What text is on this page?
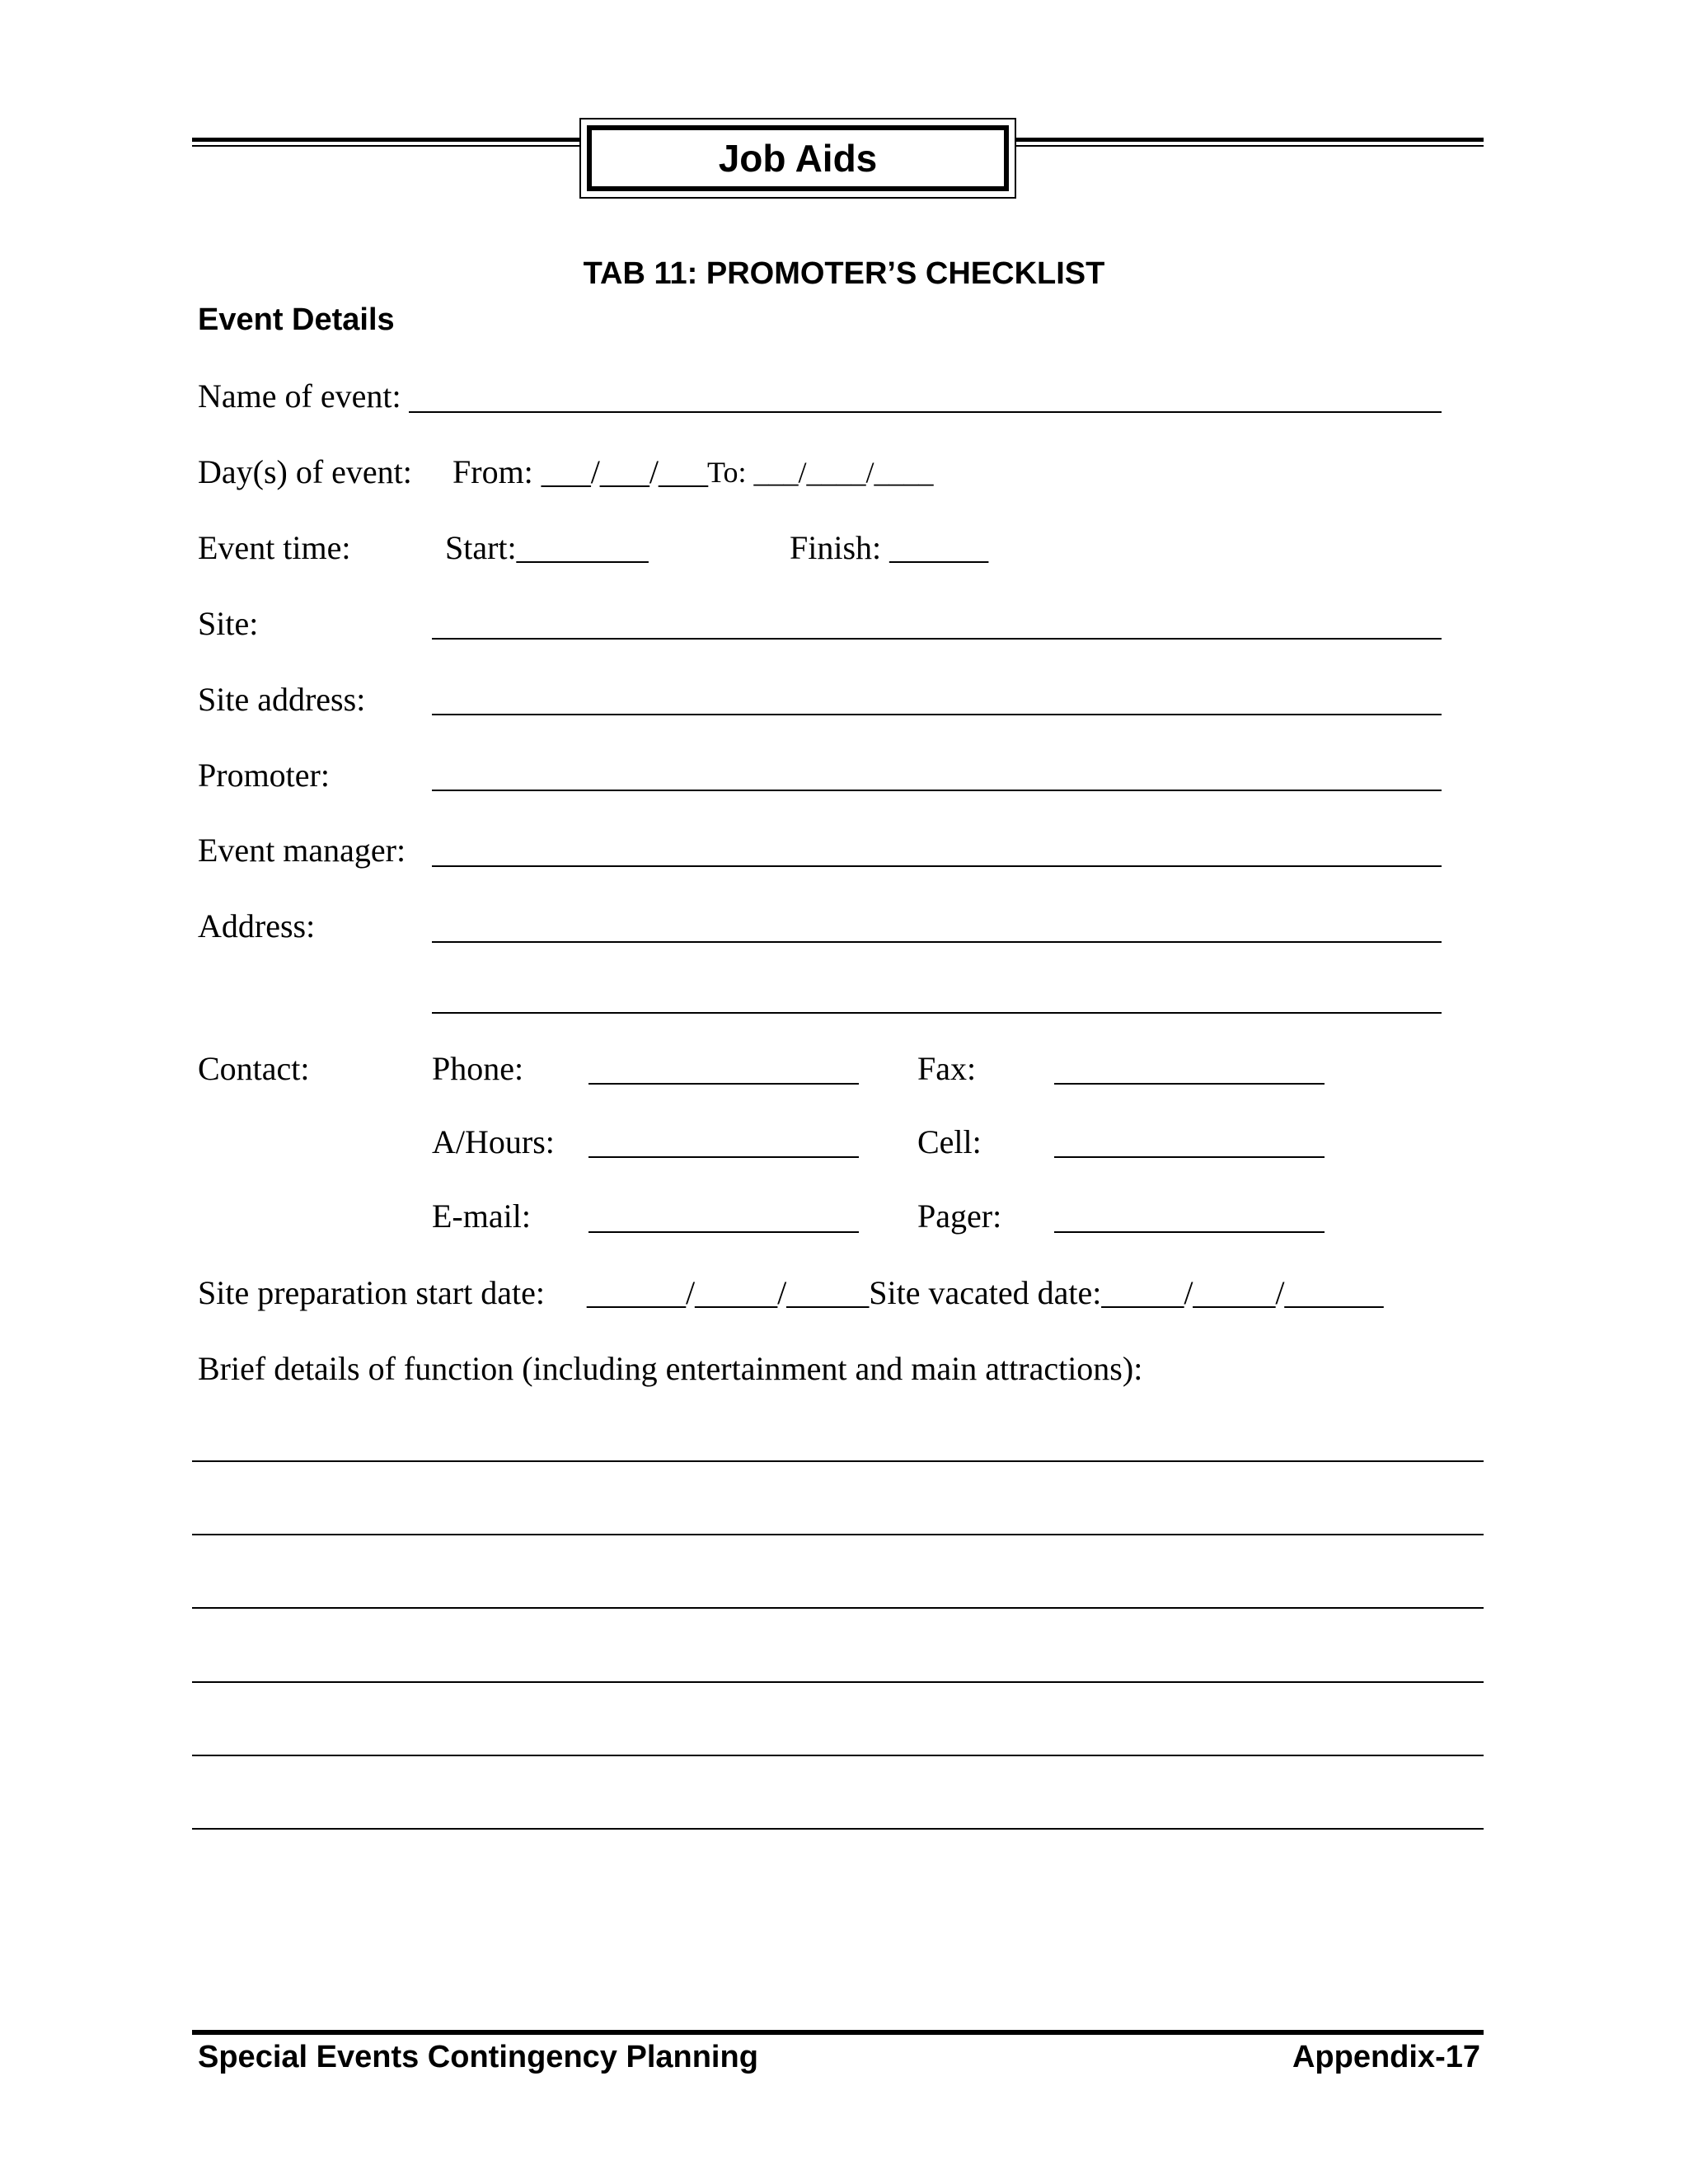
Job Aids
TAB 11: PROMOTER’S CHECKLIST
Event Details
Name of event:
Day(s) of event: From: ___/___/___
To: ___/____/____
Event time:	Start:________	Finish: ______
Site:
Site address:
Promoter:
Event manager:
Address:
Contact:	Phone:	Fax:
A/Hours:	Cell:
E-mail:	Pager:
Site preparation start date: ______/_____/_____Site vacated date:_____/_____/______
Brief details of function (including entertainment and main attractions):
Special Events Contingency Planning	Appendix-17
